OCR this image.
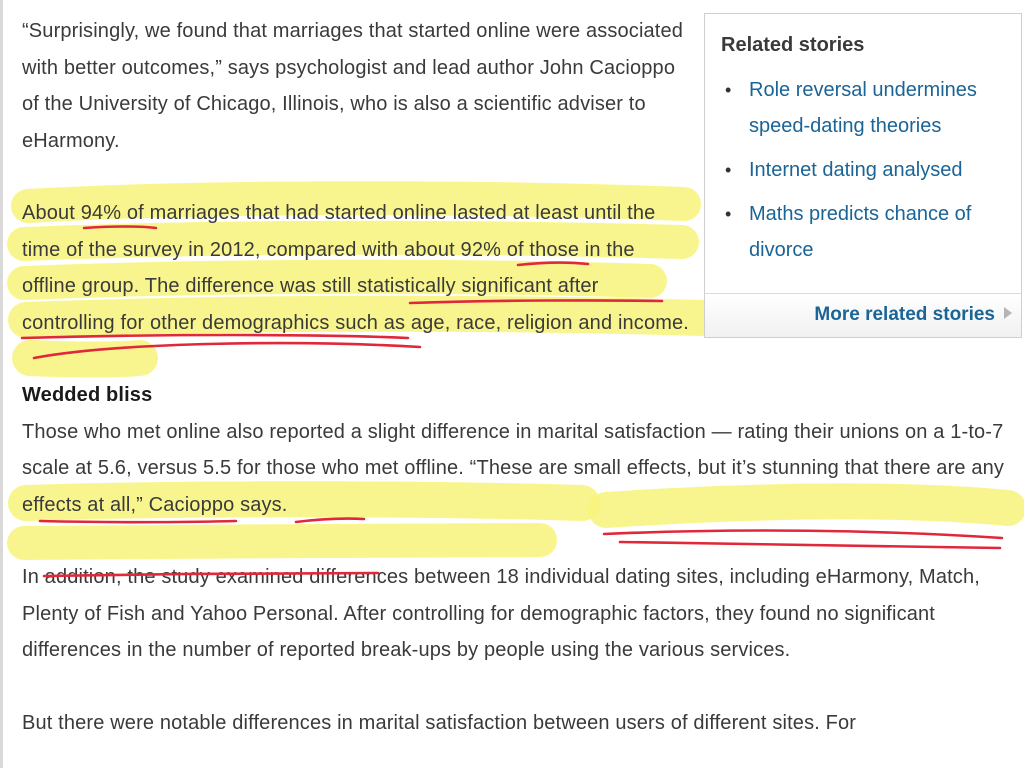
“Surprisingly, we found that marriages that started online were associated with better outcomes,” says psychologist and lead author John Cacioppo of the University of Chicago, Illinois, who is also a scientific adviser to eHarmony.

About 94% of marriages that had started online lasted at least until the time of the survey in 2012, compared with about 92% of those in the offline group. The difference was still statistically significant after controlling for other demographics such as age, race, religion and income.

Wedded bliss

Those who met online also reported a slight difference in marital satisfaction — rating their unions on a 1-to-7 scale at 5.6, versus 5.5 for those who met offline. “These are small effects, but it’s stunning that there are any effects at all,” Cacioppo says.

In addition, the study examined differences between 18 individual dating sites, including eHarmony, Match, Plenty of Fish and Yahoo Personal. After controlling for demographic factors, they found no significant differences in the number of reported break-ups by people using the various services.

But there were notable differences in marital satisfaction between users of different sites. For

Related stories
• Role reversal undermines speed-dating theories
• Internet dating analysed
• Maths predicts chance of divorce
More related stories
